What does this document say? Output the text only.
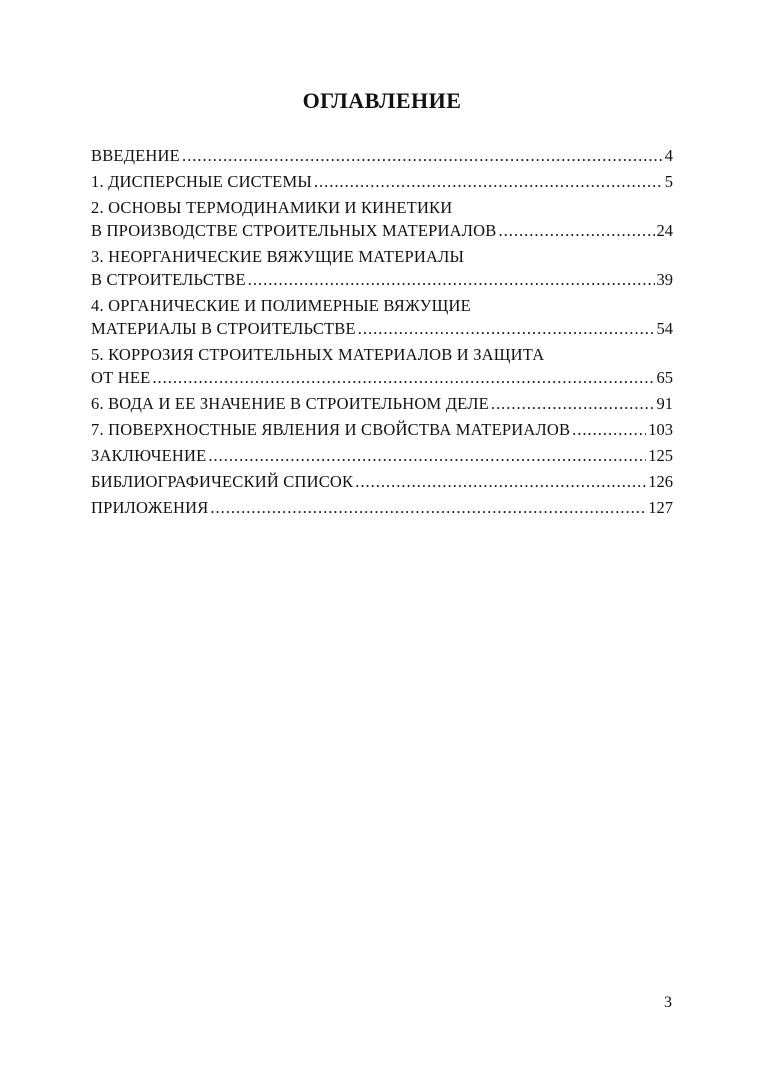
ОГЛАВЛЕНИЕ
ВВЕДЕНИЕ .....	4
1. ДИСПЕРСНЫЕ СИСТЕМЫ .....	5
2. ОСНОВЫ ТЕРМОДИНАМИКИ И КИНЕТИКИ
В ПРОИЗВОДСТВЕ СТРОИТЕЛЬНЫХ МАТЕРИАЛОВ .....	24
3. НЕОРГАНИЧЕСКИЕ ВЯЖУЩИЕ МАТЕРИАЛЫ
В СТРОИТЕЛЬСТВЕ .....	39
4. ОРГАНИЧЕСКИЕ И ПОЛИМЕРНЫЕ ВЯЖУЩИЕ
МАТЕРИАЛЫ В СТРОИТЕЛЬСТВЕ .....	54
5. КОРРОЗИЯ СТРОИТЕЛЬНЫХ МАТЕРИАЛОВ И ЗАЩИТА
ОТ НЕЕ .....	65
6. ВОДА И ЕЕ ЗНАЧЕНИЕ В СТРОИТЕЛЬНОМ ДЕЛЕ .....	91
7. ПОВЕРХНОСТНЫЕ ЯВЛЕНИЯ И СВОЙСТВА МАТЕРИАЛОВ .....	103
ЗАКЛЮЧЕНИЕ .....	125
БИБЛИОГРАФИЧЕСКИЙ СПИСОК .....	126
ПРИЛОЖЕНИЯ .....	127
3
